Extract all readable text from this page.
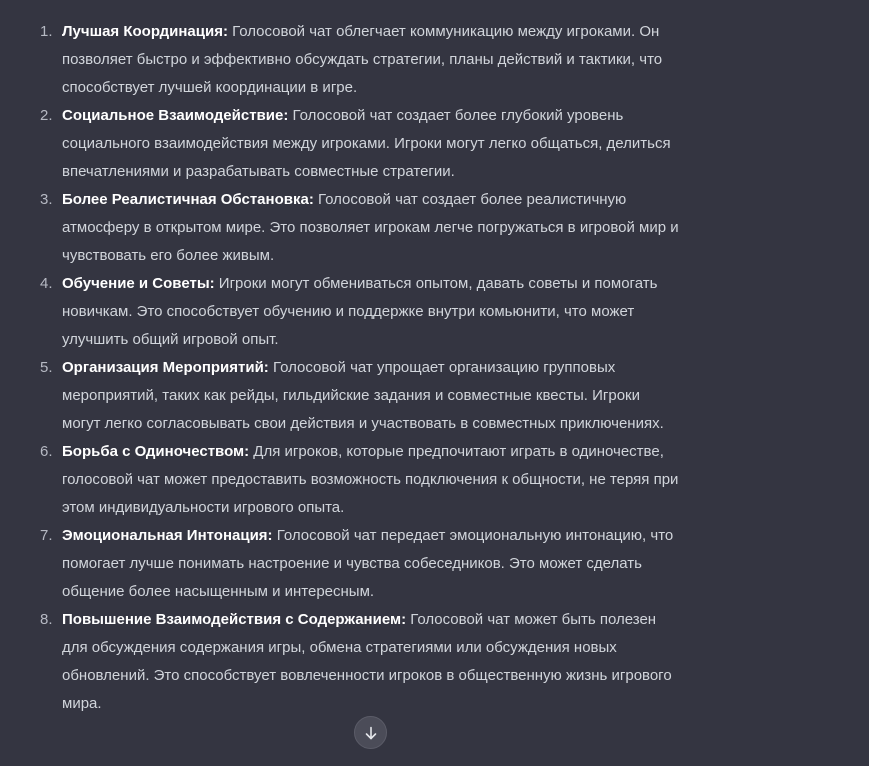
1. Лучшая Координация: Голосовой чат облегчает коммуникацию между игроками. Он позволяет быстро и эффективно обсуждать стратегии, планы действий и тактики, что способствует лучшей координации в игре.
2. Социальное Взаимодействие: Голосовой чат создает более глубокий уровень социального взаимодействия между игроками. Игроки могут легко общаться, делиться впечатлениями и разрабатывать совместные стратегии.
3. Более Реалистичная Обстановка: Голосовой чат создает более реалистичную атмосферу в открытом мире. Это позволяет игрокам легче погружаться в игровой мир и чувствовать его более живым.
4. Обучение и Советы: Игроки могут обмениваться опытом, давать советы и помогать новичкам. Это способствует обучению и поддержке внутри комьюнити, что может улучшить общий игровой опыт.
5. Организация Мероприятий: Голосовой чат упрощает организацию групповых мероприятий, таких как рейды, гильдийские задания и совместные квесты. Игроки могут легко согласовывать свои действия и участвовать в совместных приключениях.
6. Борьба с Одиночеством: Для игроков, которые предпочитают играть в одиночестве, голосовой чат может предоставить возможность подключения к общности, не теряя при этом индивидуальности игрового опыта.
7. Эмоциональная Интонация: Голосовой чат передает эмоциональную интонацию, что помогает лучше понимать настроение и чувства собеседников. Это может сделать общение более насыщенным и интересным.
8. Повышение Взаимодействия с Содержанием: Голосовой чат может быть полезен для обсуждения содержания игры, обмена стратегиями или обсуждения новых обновлений. Это способствует вовлеченности игроков в общественную жизнь игрового мира.
